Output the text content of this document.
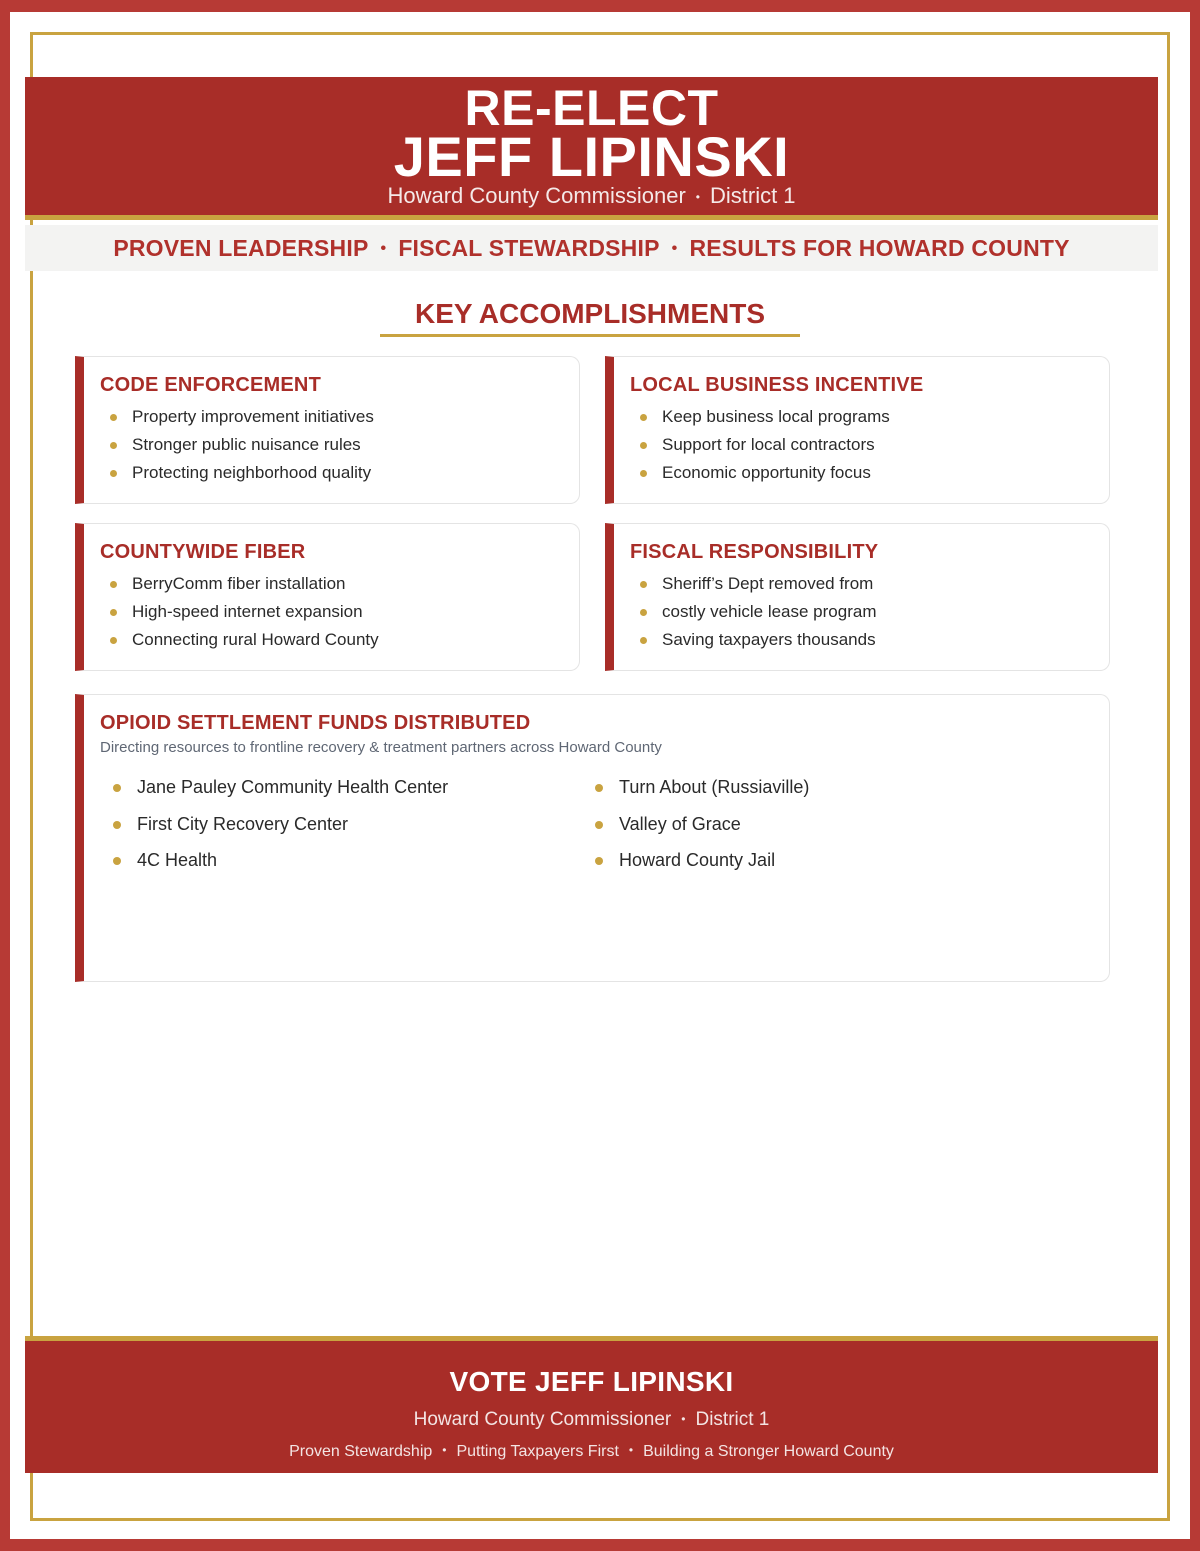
RE-ELECT
JEFF LIPINSKI
Howard County Commissioner • District 1
PROVEN LEADERSHIP • FISCAL STEWARDSHIP • RESULTS FOR HOWARD COUNTY
KEY ACCOMPLISHMENTS
CODE ENFORCEMENT
Property improvement initiatives
Stronger public nuisance rules
Protecting neighborhood quality
LOCAL BUSINESS INCENTIVE
Keep business local programs
Support for local contractors
Economic opportunity focus
COUNTYWIDE FIBER
BerryComm fiber installation
High-speed internet expansion
Connecting rural Howard County
FISCAL RESPONSIBILITY
Sheriff’s Dept removed from
costly vehicle lease program
Saving taxpayers thousands
OPIOID SETTLEMENT FUNDS DISTRIBUTED
Directing resources to frontline recovery & treatment partners across Howard County
Jane Pauley Community Health Center
First City Recovery Center
4C Health
Turn About (Russiaville)
Valley of Grace
Howard County Jail
VOTE JEFF LIPINSKI
Howard County Commissioner • District 1
Proven Stewardship • Putting Taxpayers First • Building a Stronger Howard County
